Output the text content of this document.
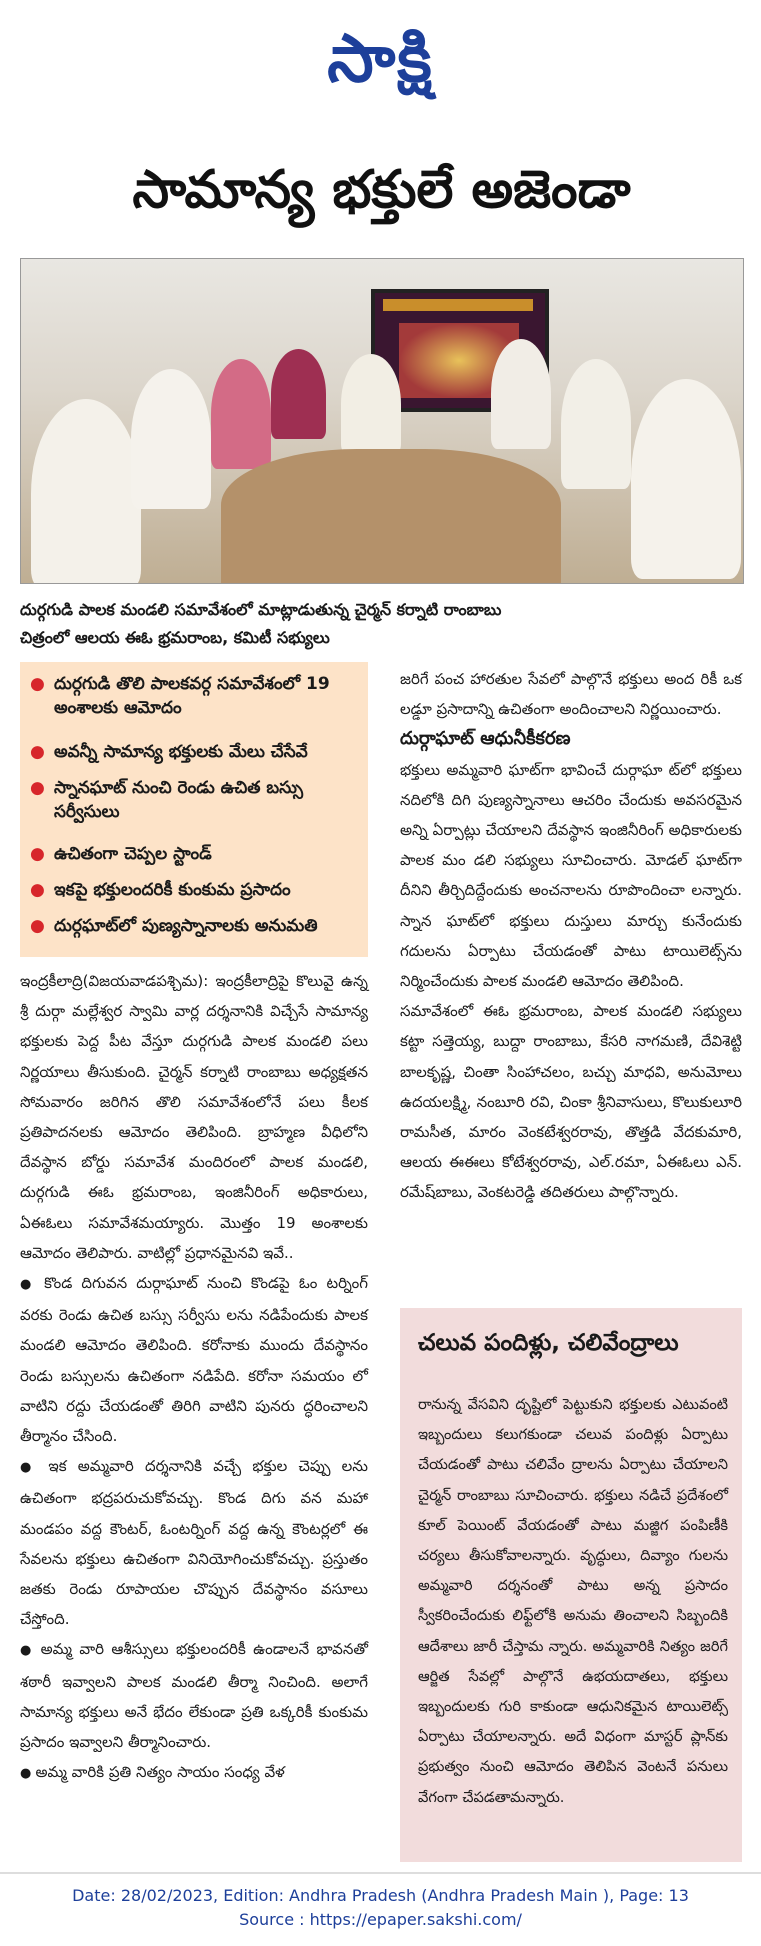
సాక్షి
సామాన్య భక్తులే అజెండా
దుర్గగుడి పాలక మండలి సమావేశంలో మాట్లాడుతున్న చైర్మన్ కర్నాటి రాంబాబు
చిత్రంలో ఆలయ ఈఓ భ్రమరాంబ, కమిటీ సభ్యులు
● దుర్గగుడి తొలి పాలకవర్గ సమావేశంలో 19 అంశాలకు ఆమోదం
● అవన్నీ సామాన్య భక్తులకు మేలు చేసేవే
● స్నానఘాట్ నుంచి రెండు ఉచిత బస్సు సర్వీసులు
● ఉచితంగా చెప్పల స్టాండ్
● ఇకపై భక్తులందరికీ కుంకుమ ప్రసాదం
● దుర్గఘాట్‌లో పుణ్యస్నానాలకు అనుమతి

ఇంద్రకీలాద్రి(విజయవాడపశ్చిమ): ఇంద్రకీలాద్రిపై కొలువై ఉన్న శ్రీ దుర్గా మల్లేశ్వర స్వామి వార్ల దర్శనానికి విచ్చేసే సామాన్య భక్తులకు పెద్ద పీట వేస్తూ దుర్గగుడి పాలక మండలి పలు నిర్ణయాలు తీసుకుంది. చైర్మన్ కర్నాటి రాంబాబు అధ్యక్షతన సోమవారం జరిగిన తొలి సమావేశంలోనే పలు కీలక ప్రతిపాదనలకు ఆమోదం తెలిపింది. బ్రాహ్మణ వీధిలోని దేవస్థాన బోర్డు సమావేశ మందిరంలో పాలక మండలి, దుర్గగుడి ఈఓ భ్రమరాంబ, ఇంజినీరింగ్ అధికారులు, ఏఈఓలు సమావేశమయ్యారు. మొత్తం 19 అంశాలకు ఆమోదం తెలిపారు. వాటిల్లో ప్రధానమైనవి ఇవే..

● కొండ దిగువన దుర్గాఘాట్ నుంచి కొండపై ఓం టర్నింగ్ వరకు రెండు ఉచిత బస్సు సర్వీసు లను నడిపేందుకు పాలక మండలి ఆమోదం తెలిపింది. కరోనాకు ముందు దేవస్థానం రెండు బస్సులను ఉచితంగా నడిపేది. కరోనా సమయం లో వాటిని రద్దు చేయడంతో తిరిగి వాటిని పునరు ద్ధరించాలని తీర్మానం చేసింది.

● ఇక అమ్మవారి దర్శనానికి వచ్చే భక్తుల చెప్పు లను ఉచితంగా భద్రపరుచుకోవచ్చు. కొండ దిగు వన మహా మండపం వద్ద కౌంటర్, ఓంటర్నింగ్ వద్ద ఉన్న కౌంటర్లలో ఈ సేవలను భక్తులు ఉచితంగా వినియోగించుకోవచ్చు. ప్రస్తుతం జతకు రెండు రూపాయల చొప్పున దేవస్థానం వసూలు చేస్తోంది.

● అమ్మ వారి ఆశీస్సులు భక్తులందరికీ ఉండాలనే భావనతో శఠారీ ఇవ్వాలని పాలక మండలి తీర్మా నించింది. అలాగే సామాన్య భక్తులు అనే భేదం లేకుండా ప్రతి ఒక్కరికీ కుంకుమ ప్రసాదం ఇవ్వాలని తీర్మానించారు.

● అమ్మ వారికి ప్రతి నిత్యం సాయం సంధ్య వేళ

జరిగే పంచ హారతుల సేవలో పాల్గొనే భక్తులు అంద రికీ ఒక లడ్డూ ప్రసాదాన్ని ఉచితంగా అందించాలని నిర్ణయించారు.

దుర్గాఘాట్ ఆధునీకీకరణ

భక్తులు అమ్మవారి ఘాట్‌గా భావించే దుర్గాఘా ట్‌లో భక్తులు నదిలోకి దిగి పుణ్యస్నానాలు ఆచరిం చేందుకు అవసరమైన అన్ని ఏర్పాట్లు చేయాలని దేవస్థాన ఇంజినీరింగ్ అధికారులకు పాలక మం డలి సభ్యులు సూచించారు. మోడల్ ఘాట్‌గా దీనిని తీర్చిదిద్దేందుకు అంచనాలను రూపొందించా లన్నారు. స్నాన ఘాట్‌లో భక్తులు దుస్తులు మార్చు కునేందుకు గదులను ఏర్పాటు చేయడంతో పాటు టాయిలెట్స్‌ను నిర్మించేందుకు పాలక మండలి ఆమోదం తెలిపింది.

సమావేశంలో ఈఓ భ్రమరాంబ, పాలక మండలి సభ్యులు కట్టా సత్తెయ్య, బుద్దా రాంబాబు, కేసరి నాగమణి, దేవిశెట్టి బాలకృష్ణ, చింతా సింహాచలం, బచ్చు మాధవి, అనుమోలు ఉదయలక్ష్మి, నంబూరి రవి, చింకా శ్రీనివాసులు, కొలుకులూరి రామసీత, మారం వెంకటేశ్వరరావు, తొత్తడి వేదకుమారి, ఆలయ ఈఈలు కోటేశ్వరరావు, ఎల్.రమా, ఏఈఓలు ఎన్. రమేష్‌బాబు, వెంకటరెడ్డి తదితరులు పాల్గొన్నారు.

చలువ పందిళ్లు, చలివేంద్రాలు
రానున్న వేసవిని దృష్టిలో పెట్టుకుని భక్తులకు ఎటువంటి ఇబ్బందులు కలుగకుండా చలువ పందిళ్లు ఏర్పాటు చేయడంతో పాటు చలివేం ద్రాలను ఏర్పాటు చేయాలని చైర్మన్ రాంబాబు సూచించారు. భక్తులు నడిచే ప్రదేశంలో కూల్ పెయింట్ వేయడంతో పాటు మజ్జిగ పంపిణీకి చర్యలు తీసుకోవాలన్నారు. వృద్ధులు, దివ్యాం గులను అమ్మవారి దర్శనంతో పాటు అన్న ప్రసాదం స్వీకరించేందుకు లిఫ్ట్‌లోకి అనుమ తించాలని సిబ్బందికి ఆదేశాలు జారీ చేస్తామ న్నారు. అమ్మవారికి నిత్యం జరిగే ఆర్జిత సేవల్లో పాల్గొనే ఉభయదాతలు, భక్తులు ఇబ్బందులకు గురి కాకుండా ఆధునికమైన టాయిలెట్స్ ఏర్పాటు చేయాలన్నారు. అదే విధంగా మాస్టర్ ప్లాన్‌కు ప్రభుత్వం నుంచి ఆమోదం తెలిపిన వెంటనే పనులు వేగంగా చేపడతామన్నారు.
Date: 28/02/2023, Edition: Andhra Pradesh (Andhra Pradesh Main ), Page: 13
Source : https://epaper.sakshi.com/
